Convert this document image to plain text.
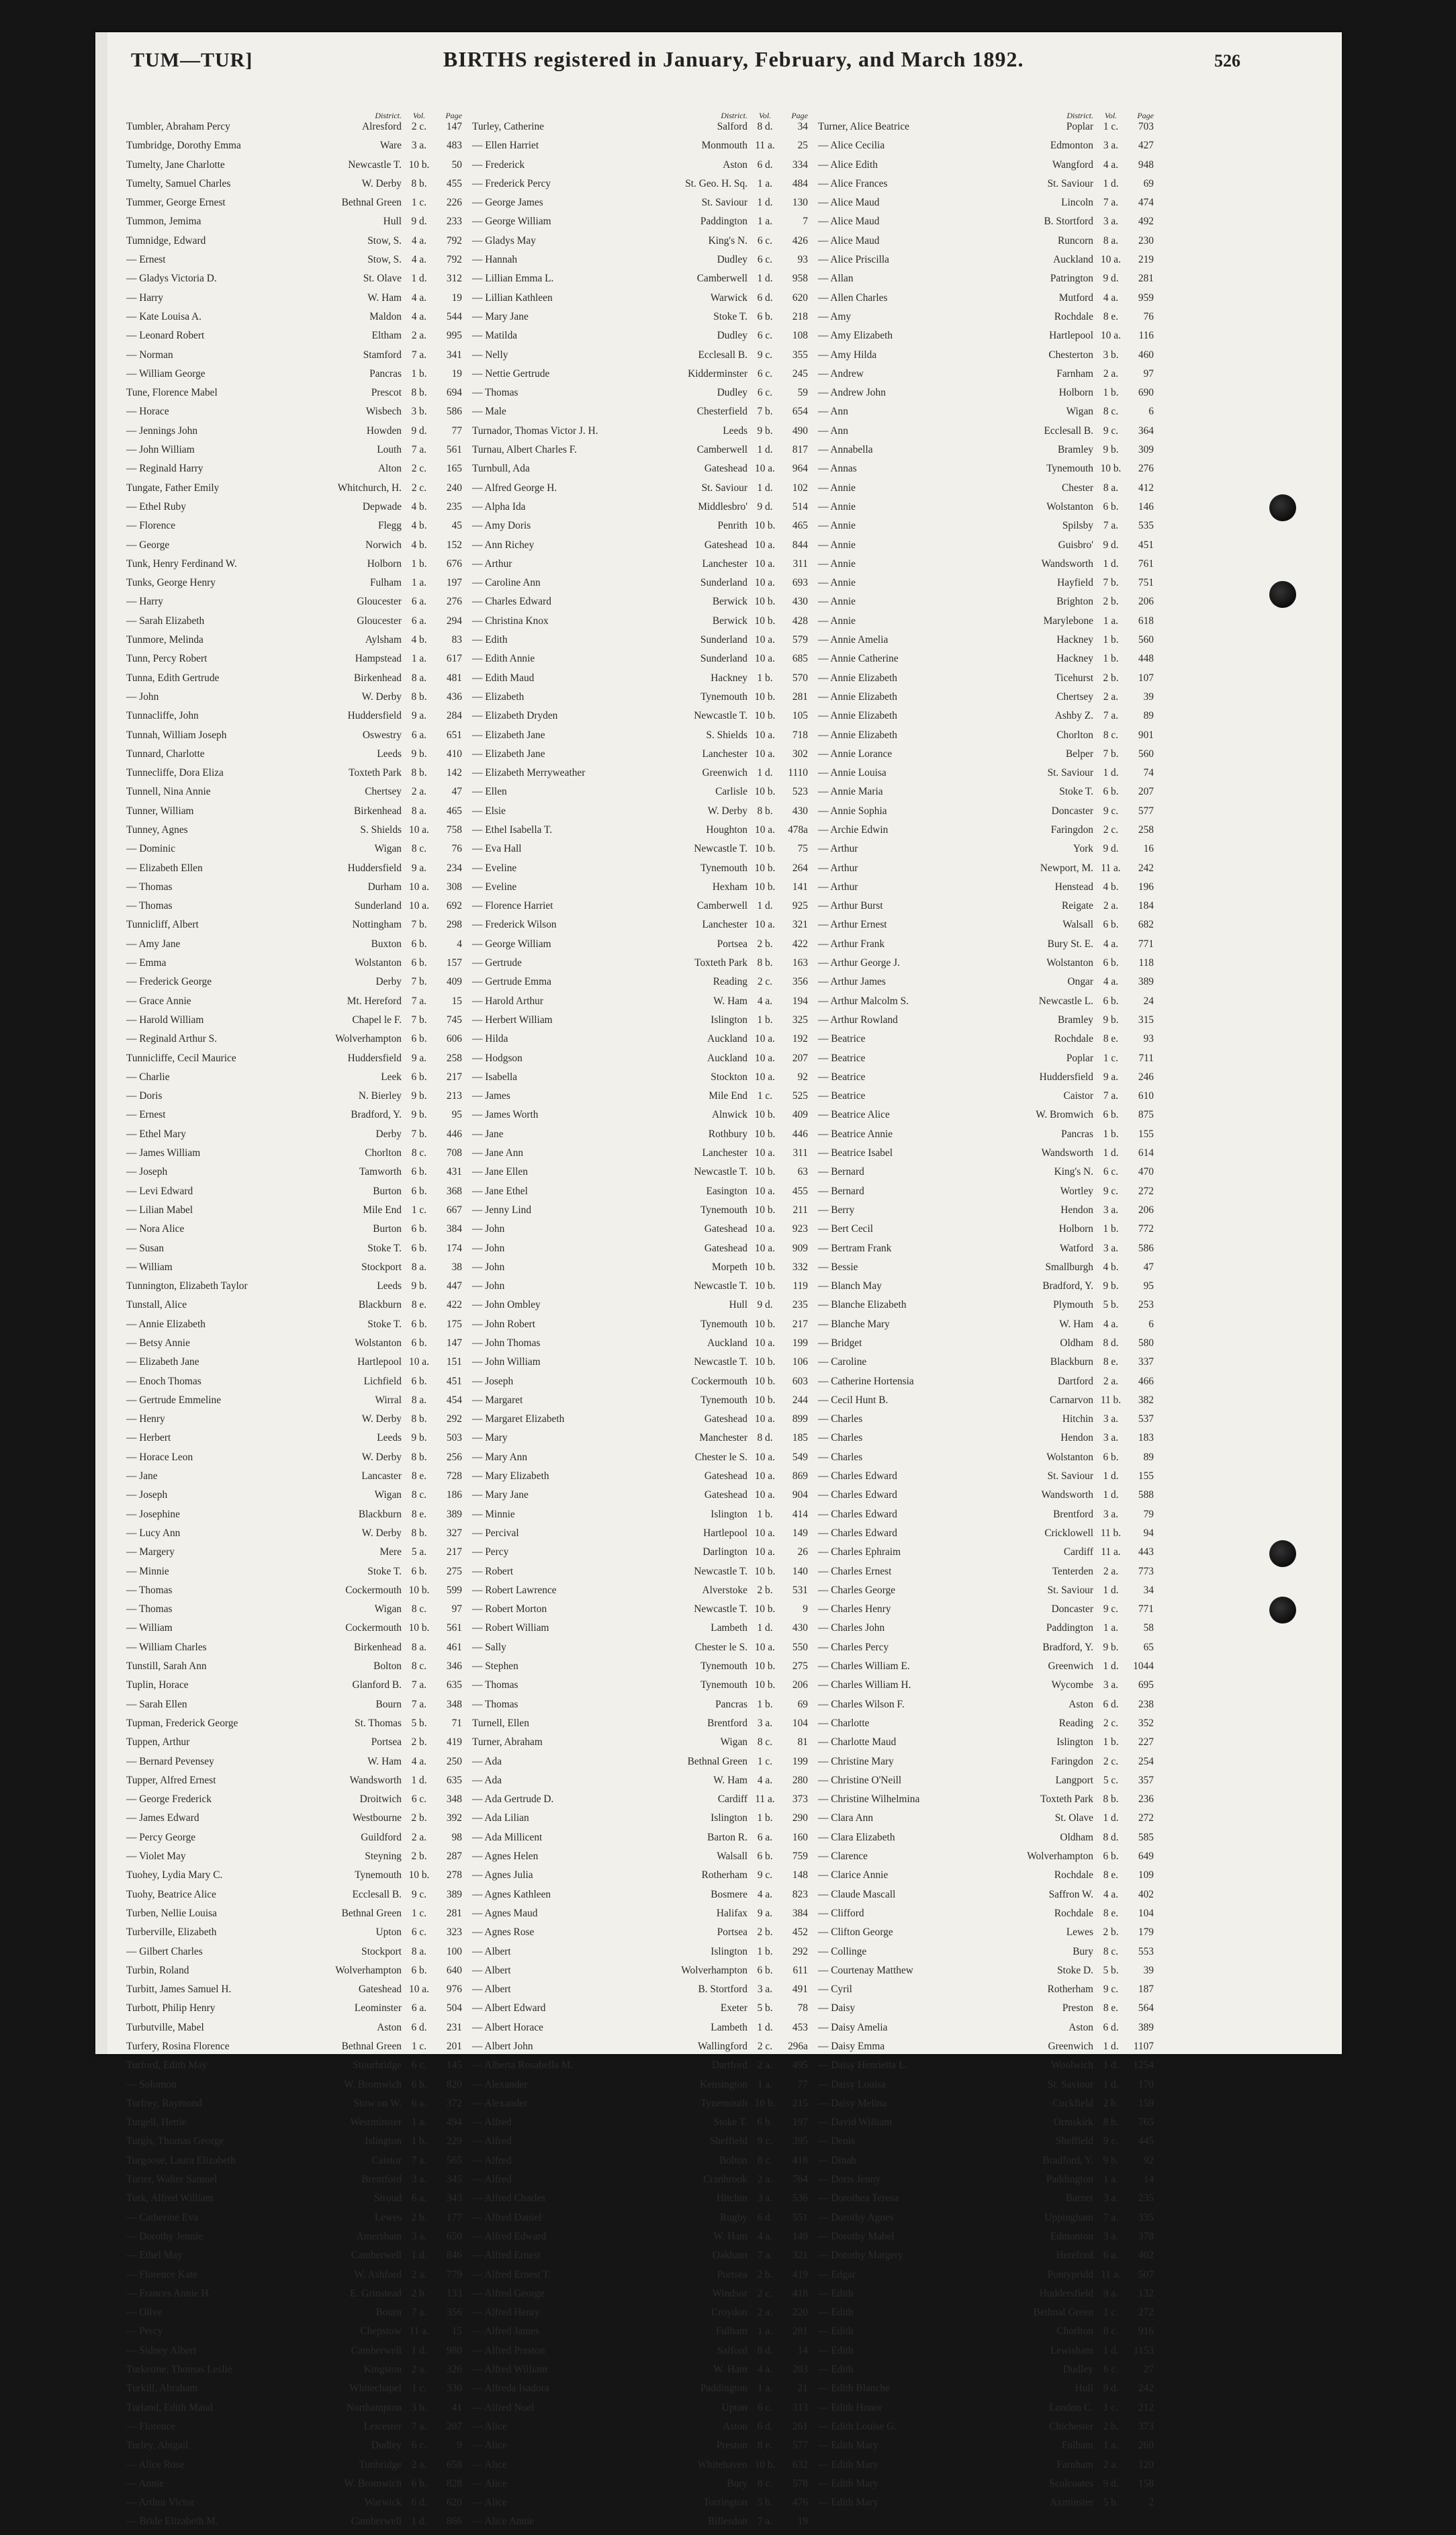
TUM—TUR]	BIRTHS registered in January, February, and March 1892.	526
District.	Vol.	Page
Tumbler, Abraham Percy	Alresford 2 c.	147
Tumbridge, Dorothy Emma	Ware 3 a.	483
Tumelty, Jane Charlotte	Newcastle T. 10 b.	50
Tumelty, Samuel Charles	W. Derby 8 b.	455
Tummer, George Ernest	Bethnal Green 1 c.	226
Tummon, Jemima	Hull 9 d.	233
Tumnidge, Edward	Stow, S. 4 a.	792
— Ernest	Stow, S. 4 a.	792
— Gladys Victoria D.	St. Olave 1 d.	312
— Harry	W. Ham 4 a.	19
— Kate Louisa A.	Maldon 4 a.	544
— Leonard Robert	Eltham 2 a.	995
— Norman	Stamford 7 a.	341
— William George	Pancras 1 b.	19
Tune, Florence Mabel	Prescot 8 b.	694
— Horace	Wisbech 3 b.	586
— Jennings John	Howden 9 d.	77
— John William	Louth 7 a.	561
— Reginald Harry	Alton 2 c.	165
Tungate, Father Emily	Whitchurch, H. 2 c.	240
— Ethel Ruby	Depwade 4 b.	235
— Florence	Flegg 4 b.	45
— George	Norwich 4 b.	152
Tunk, Henry Ferdinand W.	Holborn 1 b.	676
Tunks, George Henry	Fulham 1 a.	197
— Harry	Gloucester 6 a.	276
— Sarah Elizabeth	Gloucester 6 a.	294
Tunmore, Melinda	Aylsham 4 b.	83
Tunn, Percy Robert	Hampstead 1 a.	617
Tunna, Edith Gertrude	Birkenhead 8 a.	481
— John	W. Derby 8 b.	436
Tunnacliffe, John	Huddersfield 9 a.	284
Tunnah, William Joseph	Oswestry 6 a.	651
Tunnard, Charlotte	Leeds 9 b.	410
Tunnecliffe, Dora Eliza	Toxteth Park 8 b.	142
Tunnell, Nina Annie	Chertsey 2 a.	47
Tunner, William	Birkenhead 8 a.	465
Tunney, Agnes	S. Shields 10 a.	758
— Dominic	Wigan 8 c.	76
— Elizabeth Ellen	Huddersfield 9 a.	234
— Thomas	Durham 10 a.	308
— Thomas	Sunderland 10 a.	692
Tunnicliff, Albert	Nottingham 7 b.	298
— Amy Jane	Buxton 6 b.	4
— Emma	Wolstanton 6 b.	157
— Frederick George	Derby 7 b.	409
— Grace Annie	Mt. Hereford 7 a.	15
— Harold William	Chapel le F. 7 b.	745
— Reginald Arthur S.	Wolverhampton 6 b.	606
Tunnicliffe, Cecil Maurice	Huddersfield 9 a.	258
— Charlie	Leek 6 b.	217
— Doris	N. Bierley 9 b.	213
— Ernest	Bradford, Y. 9 b.	95
— Ethel Mary	Derby 7 b.	446
— James William	Chorlton 8 c.	708
— Joseph	Tamworth 6 b.	431
— Levi Edward	Burton 6 b.	368
— Lilian Mabel	Mile End 1 c.	667
— Nora Alice	Burton 6 b.	384
— Susan	Stoke T. 6 b.	174
— William	Stockport 8 a.	38
Tunnington, Elizabeth Taylor	Leeds 9 b.	447
Tunstall, Alice	Blackburn 8 e.	422
— Annie Elizabeth	Stoke T. 6 b.	175
— Betsy Annie	Wolstanton 6 b.	147
— Elizabeth Jane	Hartlepool 10 a.	151
— Enoch Thomas	Lichfield 6 b.	451
— Gertrude Emmeline	Wirral 8 a.	454
— Henry	W. Derby 8 b.	292
— Herbert	Leeds 9 b.	503
— Horace Leon	W. Derby 8 b.	256
— Jane	Lancaster 8 e.	728
— Joseph	Wigan 8 c.	186
— Josephine	Blackburn 8 e.	389
— Lucy Ann	W. Derby 8 b.	327
— Margery	Mere 5 a.	217
— Minnie	Stoke T. 6 b.	275
— Thomas	Cockermouth 10 b.	599
— Thomas	Wigan 8 c.	97
— William	Cockermouth 10 b.	561
— William Charles	Birkenhead 8 a.	461
Tunstill, Sarah Ann	Bolton 8 c.	346
Tuplin, Horace	Glanford B. 7 a.	635
— Sarah Ellen	Bourn 7 a.	348
Tupman, Frederick George	St. Thomas 5 b.	71
Tuppen, Arthur	Portsea 2 b.	419
— Bernard Pevensey	W. Ham 4 a.	250
Tupper, Alfred Ernest	Wandsworth 1 d.	635
— George Frederick	Droitwich 6 c.	348
— James Edward	Westbourne 2 b.	392
— Percy George	Guildford 2 a.	98
— Violet May	Steyning 2 b.	287
Tuohey, Lydia Mary C.	Tynemouth 10 b.	278
Tuohy, Beatrice Alice	Ecclesall B. 9 c.	389
Turben, Nellie Louisa	Bethnal Green 1 c.	281
Turberville, Elizabeth	Upton 6 c.	323
— Gilbert Charles	Stockport 8 a.	100
Turbin, Roland	Wolverhampton 6 b.	640
Turbitt, James Samuel H.	Gateshead 10 a.	976
Turbott, Philip Henry	Leominster 6 a.	504
Turbutville, Mabel	Aston 6 d.	231
Turfery, Rosina Florence	Bethnal Green 1 c.	201
Turford, Edith May	Stourbridge 6 c.	145
— Solomon	W. Bromwich 6 b.	820
Turfrey, Raymond	Stow on W. 6 a.	372
Turgell, Hettie	Westminster 1 a.	494
Turgis, Thomas George	Islington 1 b.	229
Turgoose, Laura Elizabeth	Caistor 7 a.	565
Turier, Walter Samuel	Brentford 3 a.	345
Turk, Alfred William	Stroud 6 a.	343
— Catherine Eva	Lewes 2 b.	177
— Dorothy Jennie	Amersham 3 a.	650
— Ethel May	Camberwell 1 d.	846
— Florence Kate	W. Ashford 2 a.	779
— Frances Annie H.	E. Grinstead 2 b.	133
— Olive	Bourn 7 a.	356
— Percy	Chepstow 11 a.	15
— Sidney Albert	Camberwell 1 d.	980
Turketine, Thomas Leslie	Kingston 2 a.	326
Turkill, Abraham	Whitechapel 1 c.	330
Turland, Edith Maud	Northampton 3 b.	41
— Florence	Leicester 7 a.	207
Turley, Abigail	Dudley 6 c.	9
— Alice Rose	Tunbridge 2 a.	658
— Annie	W. Bromwich 6 b.	828
— Arthur Victor	Warwick 6 d.	620
— Bride Elizabeth M.	Camberwell 1 d.	866
District.	Vol.	Page
Turley, Catherine	Salford 8 d.	34
— Ellen Harriet	Monmouth 11 a.	25
— Frederick	Aston 6 d.	334
— Frederick Percy	St. Geo. H. Sq. 1 a.	484
— George James	St. Saviour 1 d.	130
— George William	Paddington 1 a.	7
— Gladys May	King's N. 6 c.	426
— Hannah	Dudley 6 c.	93
— Lillian Emma L.	Camberwell 1 d.	958
— Lillian Kathleen	Warwick 6 d.	620
— Mary Jane	Stoke T. 6 b.	218
— Matilda	Dudley 6 c.	108
— Nelly	Ecclesall B. 9 c.	355
— Nettie Gertrude	Kidderminster 6 c.	245
— Thomas	Dudley 6 c.	59
— Male	Chesterfield 7 b.	654
Turnador, Thomas Victor J. H.	Leeds 9 b.	490
Turnau, Albert Charles F.	Camberwell 1 d.	817
Turnbull, Ada	Gateshead 10 a.	964
— Alfred George H.	St. Saviour 1 d.	102
— Alpha Ida	Middlesbro' 9 d.	514
— Amy Doris	Penrith 10 b.	465
— Ann Richey	Gateshead 10 a.	844
— Arthur	Lanchester 10 a.	311
— Caroline Ann	Sunderland 10 a.	693
— Charles Edward	Berwick 10 b.	430
— Christina Knox	Berwick 10 b.	428
— Edith	Sunderland 10 a.	579
— Edith Annie	Sunderland 10 a.	685
— Edith Maud	Hackney 1 b.	570
— Elizabeth	Tynemouth 10 b.	281
— Elizabeth Dryden	Newcastle T. 10 b.	105
— Elizabeth Jane	S. Shields 10 a.	718
— Elizabeth Jane	Lanchester 10 a.	302
— Elizabeth Merryweather	Greenwich 1 d.	1110
— Ellen	Carlisle 10 b.	523
— Elsie	W. Derby 8 b.	430
— Ethel Isabella T.	Houghton 10 a.	478a
— Eva Hall	Newcastle T. 10 b.	75
— Eveline	Tynemouth 10 b.	264
— Eveline	Hexham 10 b.	141
— Florence Harriet	Camberwell 1 d.	925
— Frederick Wilson	Lanchester 10 a.	321
— George William	Portsea 2 b.	422
— Gertrude	Toxteth Park 8 b.	163
— Gertrude Emma	Reading 2 c.	356
— Harold Arthur	W. Ham 4 a.	194
— Herbert William	Islington 1 b.	325
— Hilda	Auckland 10 a.	192
— Hodgson	Auckland 10 a.	207
— Isabella	Stockton 10 a.	92
— James	Mile End 1 c.	525
— James Worth	Alnwick 10 b.	409
— Jane	Rothbury 10 b.	446
— Jane Ann	Lanchester 10 a.	311
— Jane Ellen	Newcastle T. 10 b.	63
— Jane Ethel	Easington 10 a.	455
— Jenny Lind	Tynemouth 10 b.	211
— John	Gateshead 10 a.	923
— John	Gateshead 10 a.	909
— John	Morpeth 10 b.	332
— John	Newcastle T. 10 b.	119
— John Ombley	Hull 9 d.	235
— John Robert	Tynemouth 10 b.	217
— John Thomas	Auckland 10 a.	199
— John William	Newcastle T. 10 b.	106
— Joseph	Cockermouth 10 b.	603
— Margaret	Tynemouth 10 b.	244
— Margaret Elizabeth	Gateshead 10 a.	899
— Mary	Manchester 8 d.	185
— Mary Ann	Chester le S. 10 a.	549
— Mary Elizabeth	Gateshead 10 a.	869
— Mary Jane	Gateshead 10 a.	904
— Minnie	Islington 1 b.	414
— Percival	Hartlepool 10 a.	149
— Percy	Darlington 10 a.	26
— Robert	Newcastle T. 10 b.	140
— Robert Lawrence	Alverstoke 2 b.	531
— Robert Morton	Newcastle T. 10 b.	9
— Robert William	Lambeth 1 d.	430
— Sally	Chester le S. 10 a.	550
— Stephen	Tynemouth 10 b.	275
— Thomas	Tynemouth 10 b.	206
— Thomas	Pancras 1 b.	69
Turnell, Ellen	Brentford 3 a.	104
Turner, Abraham	Wigan 8 c.	81
— Ada	Bethnal Green 1 c.	199
— Ada	W. Ham 4 a.	280
— Ada Gertrude D.	Cardiff 11 a.	373
— Ada Lilian	Islington 1 b.	290
— Ada Millicent	Barton R. 6 a.	160
— Agnes Helen	Walsall 6 b.	759
— Agnes Julia	Rotherham 9 c.	148
— Agnes Kathleen	Bosmere 4 a.	823
— Agnes Maud	Halifax 9 a.	384
— Agnes Rose	Portsea 2 b.	452
— Albert	Islington 1 b.	292
— Albert	Wolverhampton 6 b.	611
— Albert	B. Stortford 3 a.	491
— Albert Edward	Exeter 5 b.	78
— Albert Horace	Lambeth 1 d.	453
— Albert John	Wallingford 2 c.	296a
— Alberta Rosabella M.	Dartford 2 a.	495
— Alexander	Kensington 1 a.	77
— Alexander	Tynemouth 10 b.	215
— Alfred	Stoke T. 6 b.	197
— Alfred	Sheffield 9 c.	395
— Alfred	Bolton 8 c.	418
— Alfred	Cranbrook 2 a.	764
— Alfred Charles	Hitchin 3 a.	536
— Alfred Daniel	Rugby 6 d.	551
— Alfred Edward	W. Ham 4 a.	149
— Alfred Ernest	Oakham 7 a.	321
— Alfred Ernest T.	Portsea 2 b.	419
— Alfred George	Windsor 2 c.	418
— Alfred Henry	Croydon 2 a.	220
— Alfred James	Fulham 1 a.	281
— Alfred Preston	Salford 8 d.	14
— Alfred William	W. Ham 4 a.	203
— Alfreda Isadora	Paddington 1 a.	21
— Alfred Noel	Upton 6 c.	313
— Alice	Aston 6 d.	261
— Alice	Preston 8 e.	577
— Alice	Whitehaven 10 b.	632
— Alice	Bury 8 c.	578
— Alice	Torrington 5 b.	476
— Alice Annie	Billesdon 7 a.	19
District.	Vol.	Page
Turner, Alice Beatrice	Poplar 1 c.	703
— Alice Cecilia	Edmonton 3 a.	427
— Alice Edith	Wangford 4 a.	948
— Alice Frances	St. Saviour 1 d.	69
— Alice Maud	Lincoln 7 a.	474
— Alice Maud	B. Stortford 3 a.	492
— Alice Maud	Runcorn 8 a.	230
— Alice Priscilla	Auckland 10 a.	219
— Allan	Patrington 9 d.	281
— Allen Charles	Mutford 4 a.	959
— Amy	Rochdale 8 e.	76
— Amy Elizabeth	Hartlepool 10 a.	116
— Amy Hilda	Chesterton 3 b.	460
— Andrew	Farnham 2 a.	97
— Andrew John	Holborn 1 b.	690
— Ann	Wigan 8 c.	6
— Ann	Ecclesall B. 9 c.	364
— Annabella	Bramley 9 b.	309
— Annas	Tynemouth 10 b.	276
— Annie	Chester 8 a.	412
— Annie	Wolstanton 6 b.	146
— Annie	Spilsby 7 a.	535
— Annie	Guisbro' 9 d.	451
— Annie	Wandsworth 1 d.	761
— Annie	Hayfield 7 b.	751
— Annie	Brighton 2 b.	206
— Annie	Marylebone 1 a.	618
— Annie Amelia	Hackney 1 b.	560
— Annie Catherine	Hackney 1 b.	448
— Annie Elizabeth	Ticehurst 2 b.	107
— Annie Elizabeth	Chertsey 2 a.	39
— Annie Elizabeth	Ashby Z. 7 a.	89
— Annie Elizabeth	Chorlton 8 c.	901
— Annie Lorance	Belper 7 b.	560
— Annie Louisa	St. Saviour 1 d.	74
— Annie Maria	Stoke T. 6 b.	207
— Annie Sophia	Doncaster 9 c.	577
— Archie Edwin	Faringdon 2 c.	258
— Arthur	York 9 d.	16
— Arthur	Newport, M. 11 a.	242
— Arthur	Henstead 4 b.	196
— Arthur Burst	Reigate 2 a.	184
— Arthur Ernest	Walsall 6 b.	682
— Arthur Frank	Bury St. E. 4 a.	771
— Arthur George J.	Wolstanton 6 b.	118
— Arthur James	Ongar 4 a.	389
— Arthur Malcolm S.	Newcastle L. 6 b.	24
— Arthur Rowland	Bramley 9 b.	315
— Beatrice	Rochdale 8 e.	93
— Beatrice	Poplar 1 c.	711
— Beatrice	Huddersfield 9 a.	246
— Beatrice	Caistor 7 a.	610
— Beatrice Alice	W. Bromwich 6 b.	875
— Beatrice Annie	Pancras 1 b.	155
— Beatrice Isabel	Wandsworth 1 d.	614
— Bernard	King's N. 6 c.	470
— Bernard	Wortley 9 c.	272
— Berry	Hendon 3 a.	206
— Bert Cecil	Holborn 1 b.	772
— Bertram Frank	Watford 3 a.	586
— Bessie	Smallburgh 4 b.	47
— Blanch May	Bradford, Y. 9 b.	95
— Blanche Elizabeth	Plymouth 5 b.	253
— Blanche Mary	W. Ham 4 a.	6
— Bridget	Oldham 8 d.	580
— Caroline	Blackburn 8 e.	337
— Catherine Hortensia	Dartford 2 a.	466
— Cecil Hunt B.	Carnarvon 11 b.	382
— Charles	Hitchin 3 a.	537
— Charles	Hendon 3 a.	183
— Charles	Wolstanton 6 b.	89
— Charles Edward	St. Saviour 1 d.	155
— Charles Edward	Wandsworth 1 d.	588
— Charles Edward	Brentford 3 a.	79
— Charles Edward	Cricklowell 11 b.	94
— Charles Ephraim	Cardiff 11 a.	443
— Charles Ernest	Tenterden 2 a.	773
— Charles George	St. Saviour 1 d.	34
— Charles Henry	Doncaster 9 c.	771
— Charles John	Paddington 1 a.	58
— Charles Percy	Bradford, Y. 9 b.	65
— Charles William E.	Greenwich 1 d.	1044
— Charles William H.	Wycombe 3 a.	695
— Charles Wilson F.	Aston 6 d.	238
— Charlotte	Reading 2 c.	352
— Charlotte Maud	Islington 1 b.	227
— Christine Mary	Faringdon 2 c.	254
— Christine O'Neill	Langport 5 c.	357
— Christine Wilhelmina	Toxteth Park 8 b.	236
— Clara Ann	St. Olave 1 d.	272
— Clara Elizabeth	Oldham 8 d.	585
— Clarence	Wolverhampton 6 b.	649
— Clarice Annie	Rochdale 8 e.	109
— Claude Mascall	Saffron W. 4 a.	402
— Clifford	Rochdale 8 e.	104
— Clifton George	Lewes 2 b.	179
— Collinge	Bury 8 c.	553
— Courtenay Matthew	Stoke D. 5 b.	39
— Cyril	Rotherham 9 c.	187
— Daisy	Preston 8 e.	564
— Daisy Amelia	Aston 6 d.	389
— Daisy Emma	Greenwich 1 d.	1107
— Daisy Henrietta L.	Woolwich 1 d.	1254
— Daisy Louisa	St. Saviour 1 d.	170
— Daisy Melina	Cuckfield 2 b.	159
— David William	Ormskirk 8 b.	765
— Denis	Sheffield 9 c.	445
— Dinah	Bradford, Y. 9 b.	92
— Doris Jenny	Paddington 1 a.	14
— Dorothea Teresa	Barnet 3 a.	235
— Dorothy Agnes	Uppingham 7 a.	335
— Dorothy Mabel	Edmonton 3 a.	378
— Dorothy Margery	Hereford 6 a.	402
— Edgar	Pontypridd 11 a.	507
— Edith	Huddersfield 9 a.	132
— Edith	Bethnal Green 1 c.	272
— Edith	Chorlton 8 c.	916
— Edith	Lewisham 1 d.	1153
— Edith	Dudley 6 c.	27
— Edith Blanche	Hull 9 d.	242
— Edith Honor	London C. 1 c.	212
— Edith Louise G.	Chichester 2 b.	373
— Edith Mary	Fulham 1 a.	260
— Edith Mary	Farnham 2 a.	120
— Edith Mary	Sculcoates 9 d.	158
— Edith Mary	Axminster 5 b.	2
